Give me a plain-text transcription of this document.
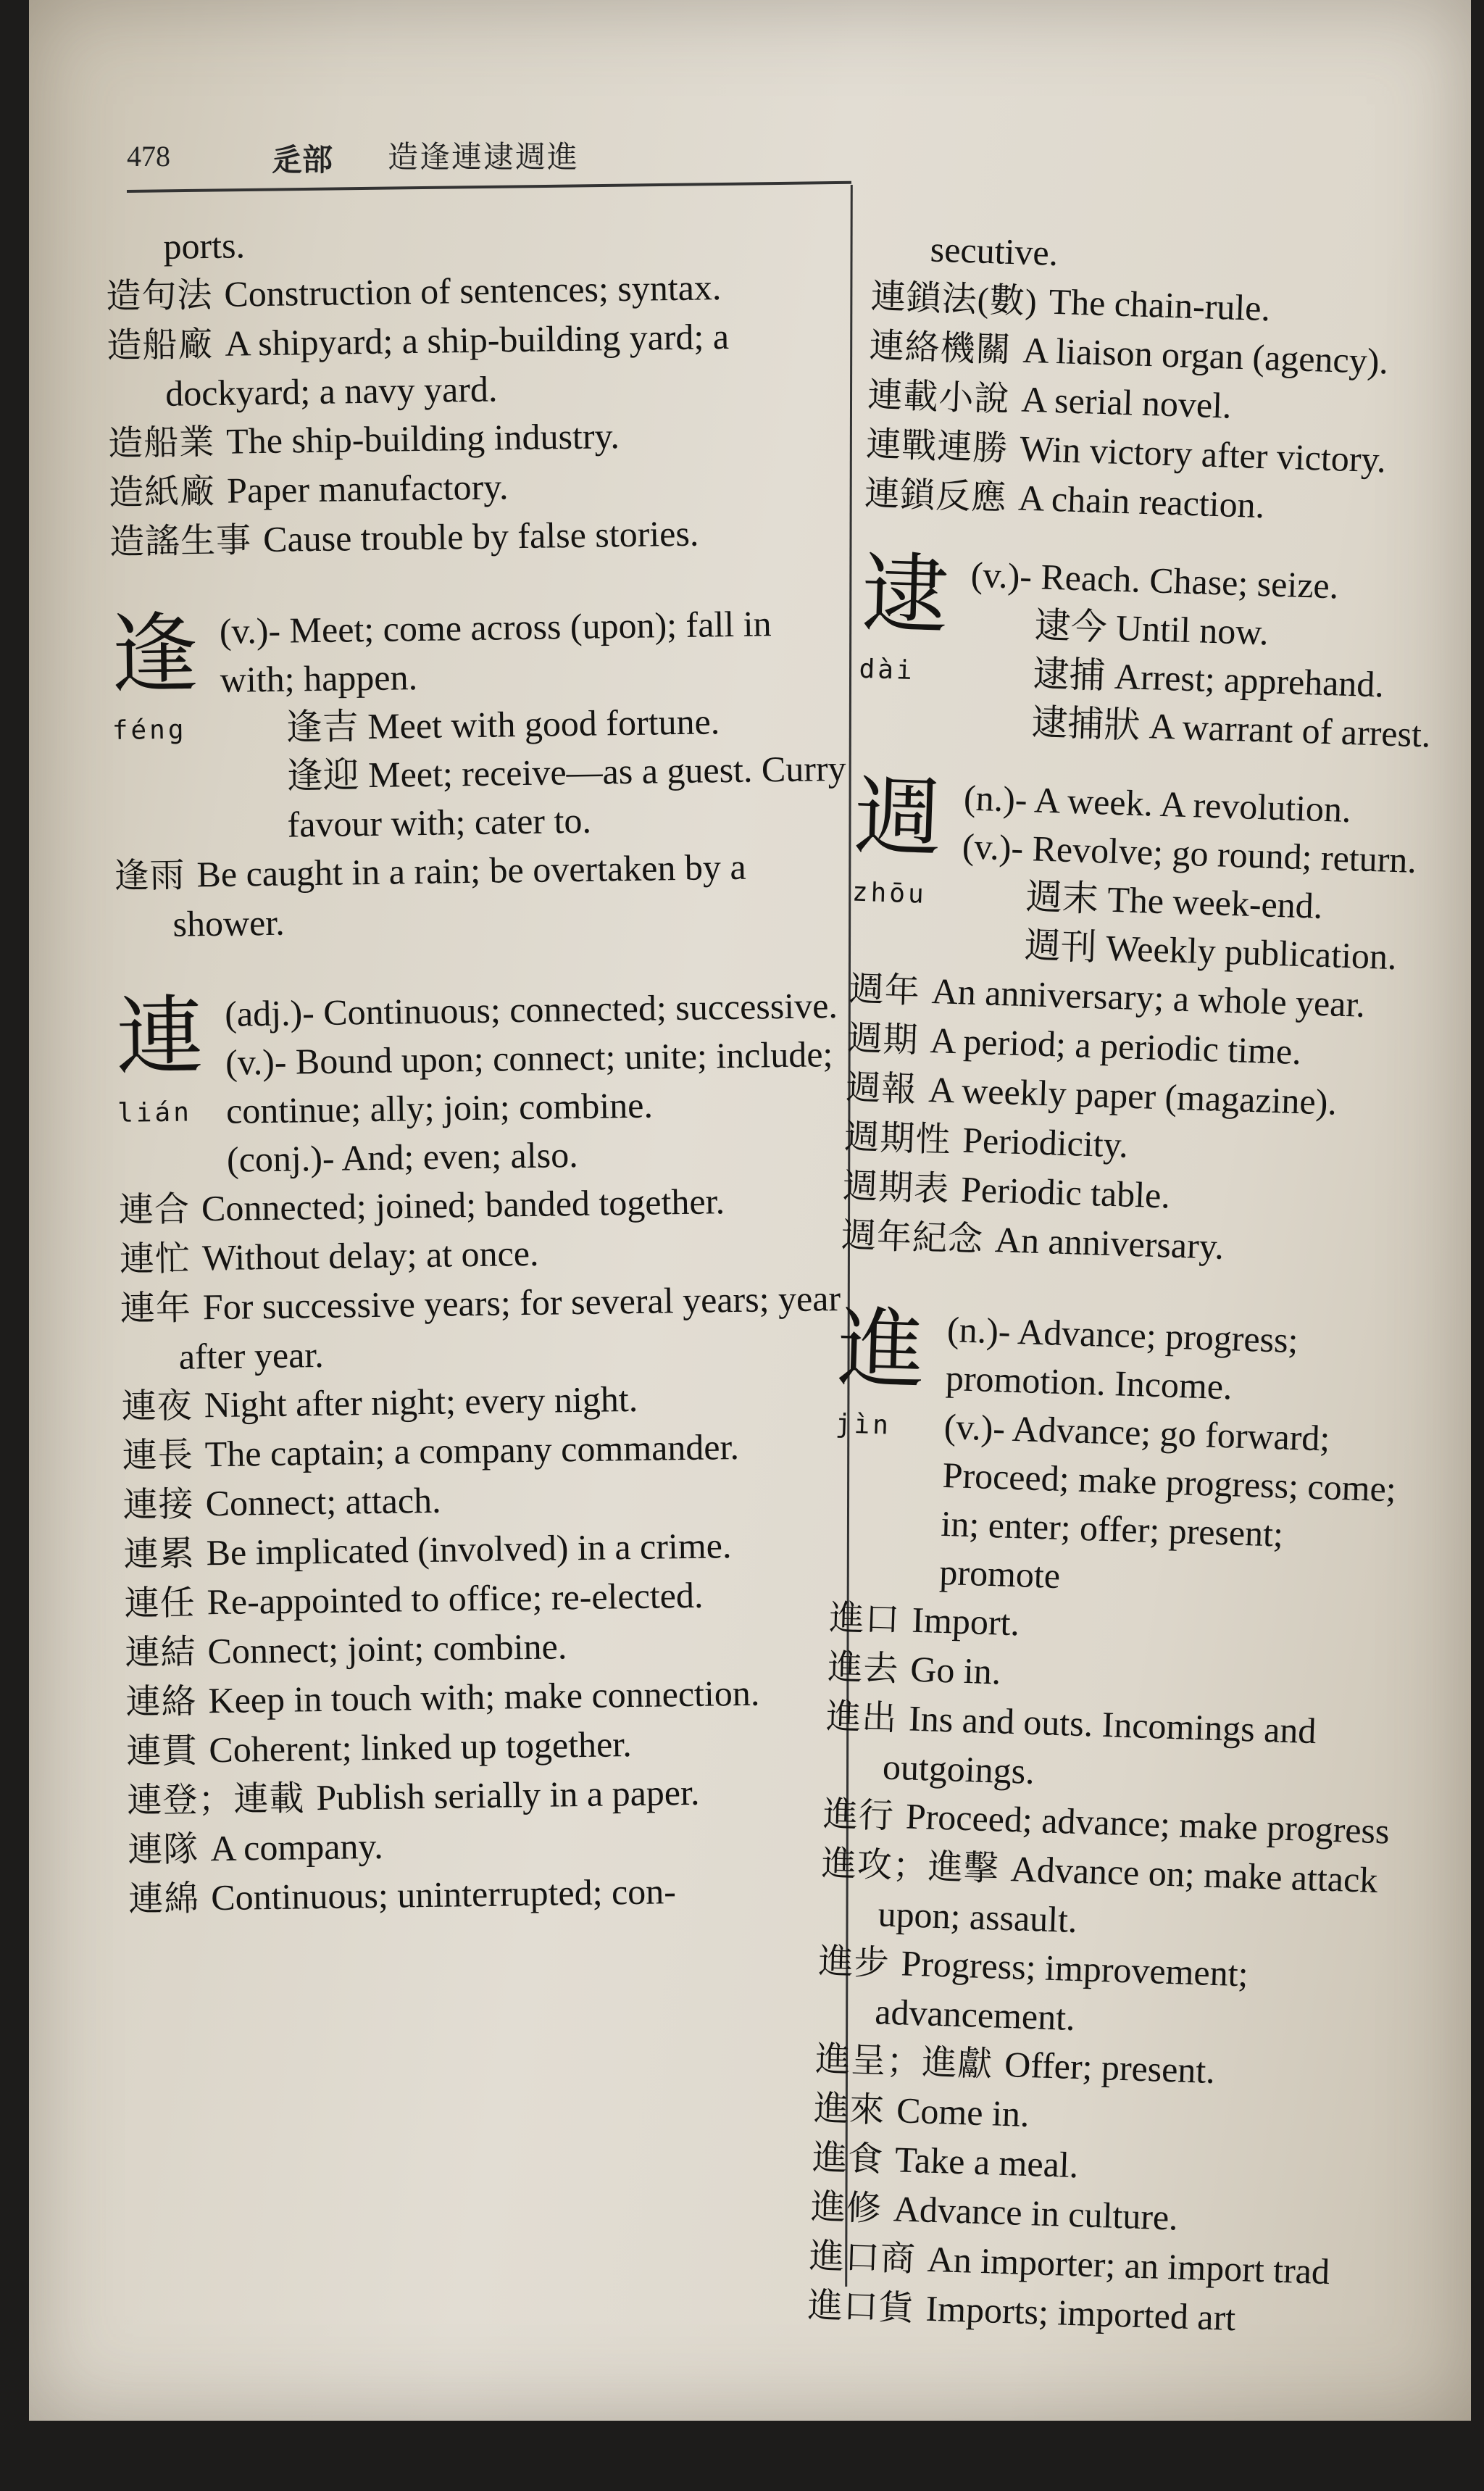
478	辵部 造逢連逮週進
ports.
造句法 Construction of sentences; syntax.
造船廠 A shipyard; a ship-building yard; a dockyard; a navy yard.
造船業 The ship-building industry.
造紙廠 Paper manufactory.
造謠生事 Cause trouble by false stories.
逢
féng
(v.)- Meet; come across (upon); fall in with; happen.
逢吉 Meet with good fortune.
逢迎 Meet; receive—as a guest. Curry favour with; cater to.
逢雨 Be caught in a rain; be overtaken by a shower.
連
lián
(adj.)- Continuous; connected; successive.
(v.)- Bound upon; connect; unite; include; continue; ally; join; combine.
(conj.)- And; even; also.
連合 Connected; joined; banded together.
連忙 Without delay; at once.
連年 For successive years; for several years; year after year.
連夜 Night after night; every night.
連長 The captain; a company commander.
連接 Connect; attach.
連累 Be implicated (involved) in a crime.
連任 Re-appointed to office; re-elected.
連結 Connect; joint; combine.
連絡 Keep in touch with; make connection.
連貫 Coherent; linked up together.
連登；連載 Publish serially in a paper.
連隊 A company.
連綿 Continuous; uninterrupted; con-
secutive.
連鎖法(數) The chain-rule.
連絡機關 A liaison organ (agency).
連載小說 A serial novel.
連戰連勝 Win victory after victory.
連鎖反應 A chain reaction.
逮
dài
(v.)- Reach. Chase; seize.
逮今 Until now.
逮捕 Arrest; apprehand.
逮捕狀 A warrant of arrest.
週
zhōu
(n.)- A week. A revolution.
(v.)- Revolve; go round; return.
週末 The week-end.
週刊 Weekly publication.
週年 An anniversary; a whole year.
週期 A period; a periodic time.
週報 A weekly paper (magazine).
週期性 Periodicity.
週期表 Periodic table.
週年紀念 An anniversary.
進
jìn
(n.)- Advance; progress; promotion. Income.
(v.)- Advance; go forward; Proceed; make progress; come; in; enter; offer; present; promote
進口 Import.
進去 Go in.
進出 Ins and outs. Incomings and outgoings.
進行 Proceed; advance; make progress
進攻；進擊 Advance on; make attack upon; assault.
進步 Progress; improvement; advancement.
進呈；進獻 Offer; present.
進來 Come in.
進食 Take a meal.
進修 Advance in culture.
進口商 An importer; an import trad
進口貨 Imports; imported art
